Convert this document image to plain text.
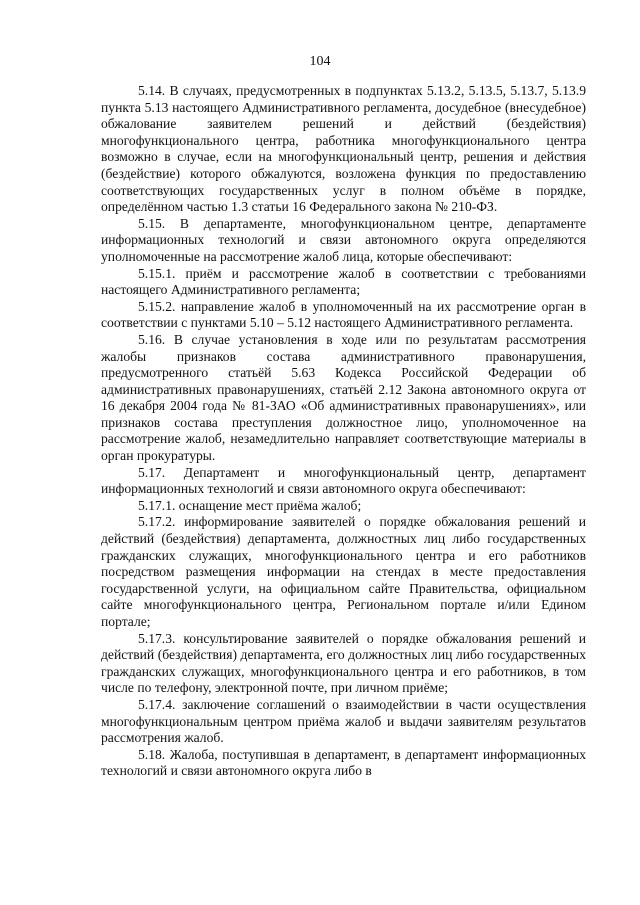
104

5.14. В случаях, предусмотренных в подпунктах 5.13.2, 5.13.5, 5.13.7, 5.13.9 пункта 5.13 настоящего Административного регламента, досудебное (внесудебное) обжалование заявителем решений и действий (бездействия) многофункционального центра, работника многофункционального центра возможно в случае, если на многофункциональный центр, решения и действия (бездействие) которого обжалуются, возложена функция по предоставлению соответствующих государственных услуг в полном объёме в порядке, определённом частью 1.3 статьи 16 Федерального закона № 210-ФЗ.

5.15. В департаменте, многофункциональном центре, департаменте информационных технологий и связи автономного округа определяются уполномоченные на рассмотрение жалоб лица, которые обеспечивают:

5.15.1. приём и рассмотрение жалоб в соответствии с требованиями настоящего Административного регламента;

5.15.2. направление жалоб в уполномоченный на их рассмотрение орган в соответствии с пунктами 5.10 – 5.12 настоящего Административного регламента.

5.16. В случае установления в ходе или по результатам рассмотрения жалобы признаков состава административного правонарушения, предусмотренного статьёй 5.63 Кодекса Российской Федерации об административных правонарушениях, статьёй 2.12 Закона автономного округа от 16 декабря 2004 года № 81-ЗАО «Об административных правонарушениях», или признаков состава преступления должностное лицо, уполномоченное на рассмотрение жалоб, незамедлительно направляет соответствующие материалы в орган прокуратуры.

5.17. Департамент и многофункциональный центр, департамент информационных технологий и связи автономного округа обеспечивают:

5.17.1. оснащение мест приёма жалоб;

5.17.2. информирование заявителей о порядке обжалования решений и действий (бездействия) департамента, должностных лиц либо государственных гражданских служащих, многофункционального центра и его работников посредством размещения информации на стендах в месте предоставления государственной услуги, на официальном сайте Правительства, официальном сайте многофункционального центра, Региональном портале и/или Едином портале;

5.17.3. консультирование заявителей о порядке обжалования решений и действий (бездействия) департамента, его должностных лиц либо государственных гражданских служащих, многофункционального центра и его работников, в том числе по телефону, электронной почте, при личном приёме;

5.17.4. заключение соглашений о взаимодействии в части осуществления многофункциональным центром приёма жалоб и выдачи заявителям результатов рассмотрения жалоб.

5.18. Жалоба, поступившая в департамент, в департамент информационных технологий и связи автономного округа либо в
